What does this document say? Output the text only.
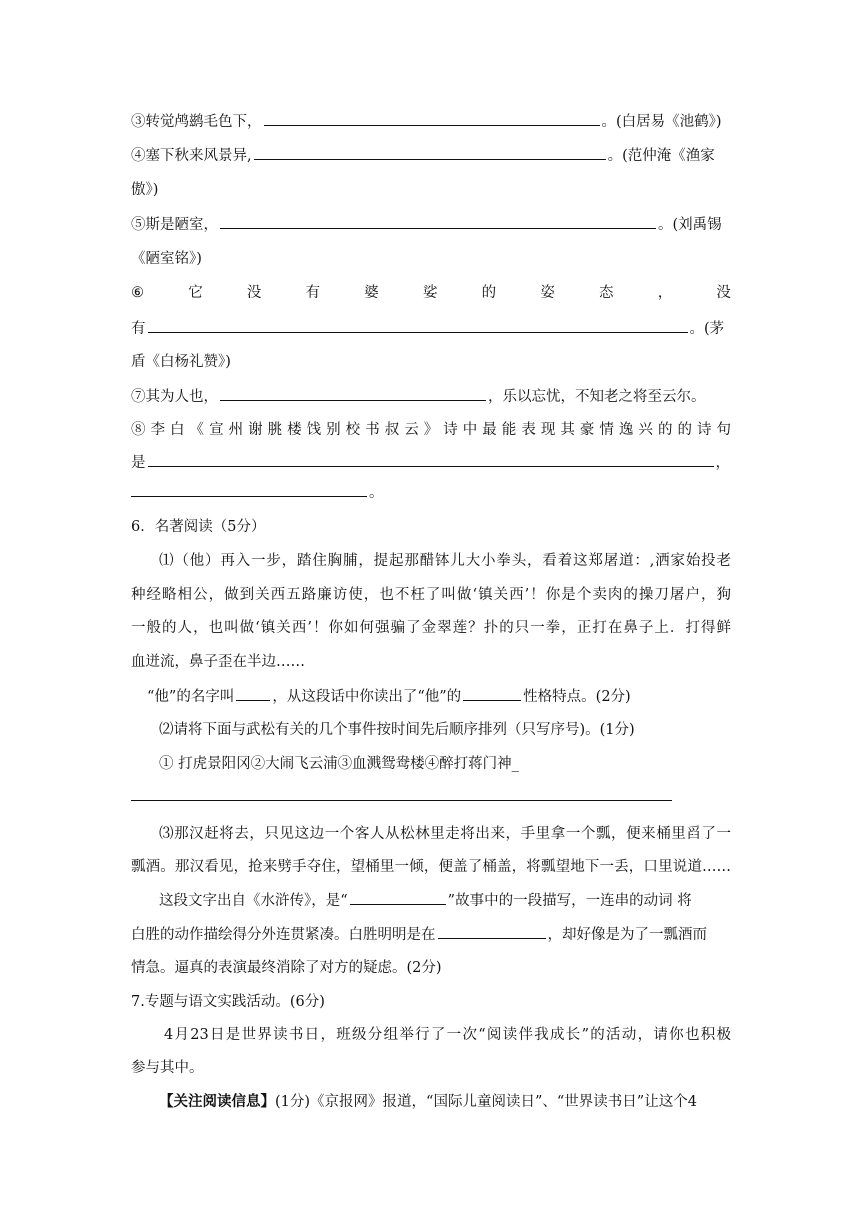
③转觉鸬鹚毛色下，	。(白居易《池鹤》)
④塞下秋来风景异,	。(范仲淹《渔家
傲》)
⑤斯是陋室，	。(刘禹锡
《陋室铭》)
⑥	它	没	有	婆	娑	的	姿	态	，	没
有	。(茅
盾《白杨礼赞》)
⑦其为人也，	，乐以忘忧，不知老之将至云尔。
⑧李白《宣州谢朓楼饯别校书叔云》诗中最能表现其豪情逸兴的的诗句
是	，
。
6．名著阅读（5分）
⑴（他）再入一步，踏住胸脯，提起那醋钵儿大小拳头，看着这郑屠道：,洒家始投老
种经略相公，做到关西五路廉访使，也不枉了叫做‘镇关西’！你是个卖肉的操刀屠户，狗
一般的人，也叫做‘镇关西’！你如何强骗了金翠莲？扑的只一拳，正打在鼻子上．打得鲜
血迸流，鼻子歪在半边……
“他”的名字叫	，从这段话中你读出了“他”的	性格特点。(2分)
⑵请将下面与武松有关的几个事件按时间先后顺序排列（只写序号)。(1分)
① 打虎景阳冈②大闹飞云浦③血溅鸳鸯楼④醉打蒋门神_
⑶那汉赶将去，只见这边一个客人从松林里走将出来，手里拿一个瓢，便来桶里舀了一
瓢酒。那汉看见，抢来劈手夺住，望桶里一倾，便盖了桶盖，将瓢望地下一丢，口里说道……
这段文字出自《水浒传》，是“	”故事中的一段描写，一连串的动词 将
白胜的动作描绘得分外连贯紧凑。白胜明明是在	，却好像是为了一瓢酒而
情急。逼真的表演最终消除了对方的疑虑。(2分)
7.专题与语文实践活动。(6分)
4月23日是世界读书日，班级分组举行了一次“阅读伴我成长”的活动，请你也积极
参与其中。
【关注阅读信息】(1分)《京报网》报道，“国际儿童阅读日”、“世界读书日”让这个4
